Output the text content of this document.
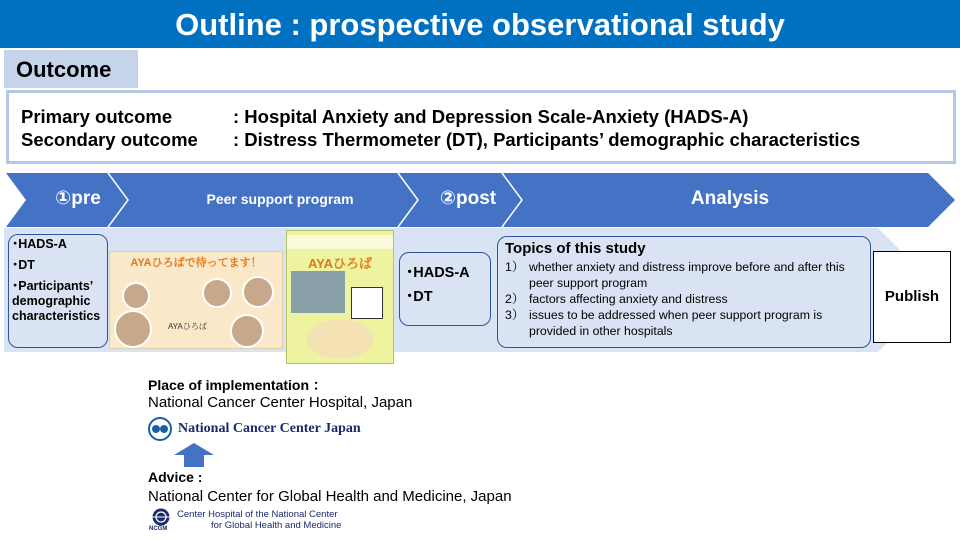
Outline : prospective observational study
Outcome
Primary outcome	: Hospital Anxiety and Depression Scale-Anxiety (HADS-A)
Secondary outcome : Distress Thermometer (DT), Participants’ demographic characteristics
①pre	Peer support program	②post	Analysis
･HADS-A
･DT
･Participants’ demographic characteristics
AYAひろばで待ってます！
AYAひろば
AYAひろば
･HADS-A
･DT
Topics of this study
1） whether anxiety and distress improve before and after this peer support program
2） factors affecting anxiety and distress
3） issues to be addressed when peer support program is provided in other hospitals
Publish
Place of implementation ：
National Cancer Center Hospital, Japan
National Cancer Center Japan
Advice :
National Center for Global Health and Medicine, Japan
Center Hospital of the National Center
for Global Health and Medicine
NCGM
